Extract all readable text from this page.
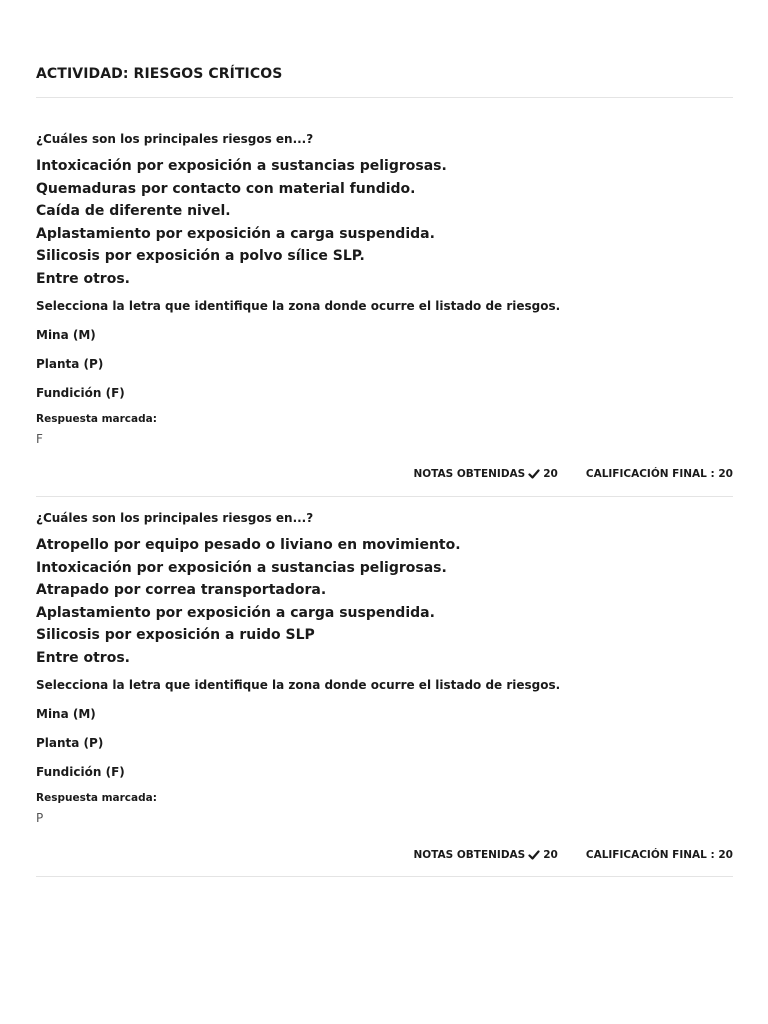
ACTIVIDAD: RIESGOS CRÍTICOS
¿Cuáles son los principales riesgos en...?
Intoxicación por exposición a sustancias peligrosas.
Quemaduras por contacto con material fundido.
Caída de diferente nivel.
Aplastamiento por exposición a carga suspendida.
Silicosis por exposición a polvo sílice SLP.
Entre otros.
Selecciona la letra que identifique la zona donde ocurre el listado de riesgos.
Mina (M)
Planta (P)
Fundición (F)
Respuesta marcada:
F
NOTAS OBTENIDAS 20	CALIFICACIÓN FINAL : 20
¿Cuáles son los principales riesgos en...?
Atropello por equipo pesado o liviano en movimiento.
Intoxicación por exposición a sustancias peligrosas.
Atrapado por correa transportadora.
Aplastamiento por exposición a carga suspendida.
Silicosis por exposición a ruido SLP
Entre otros.
Selecciona la letra que identifique la zona donde ocurre el listado de riesgos.
Mina (M)
Planta (P)
Fundición (F)
Respuesta marcada:
P
NOTAS OBTENIDAS 20	CALIFICACIÓN FINAL : 20
